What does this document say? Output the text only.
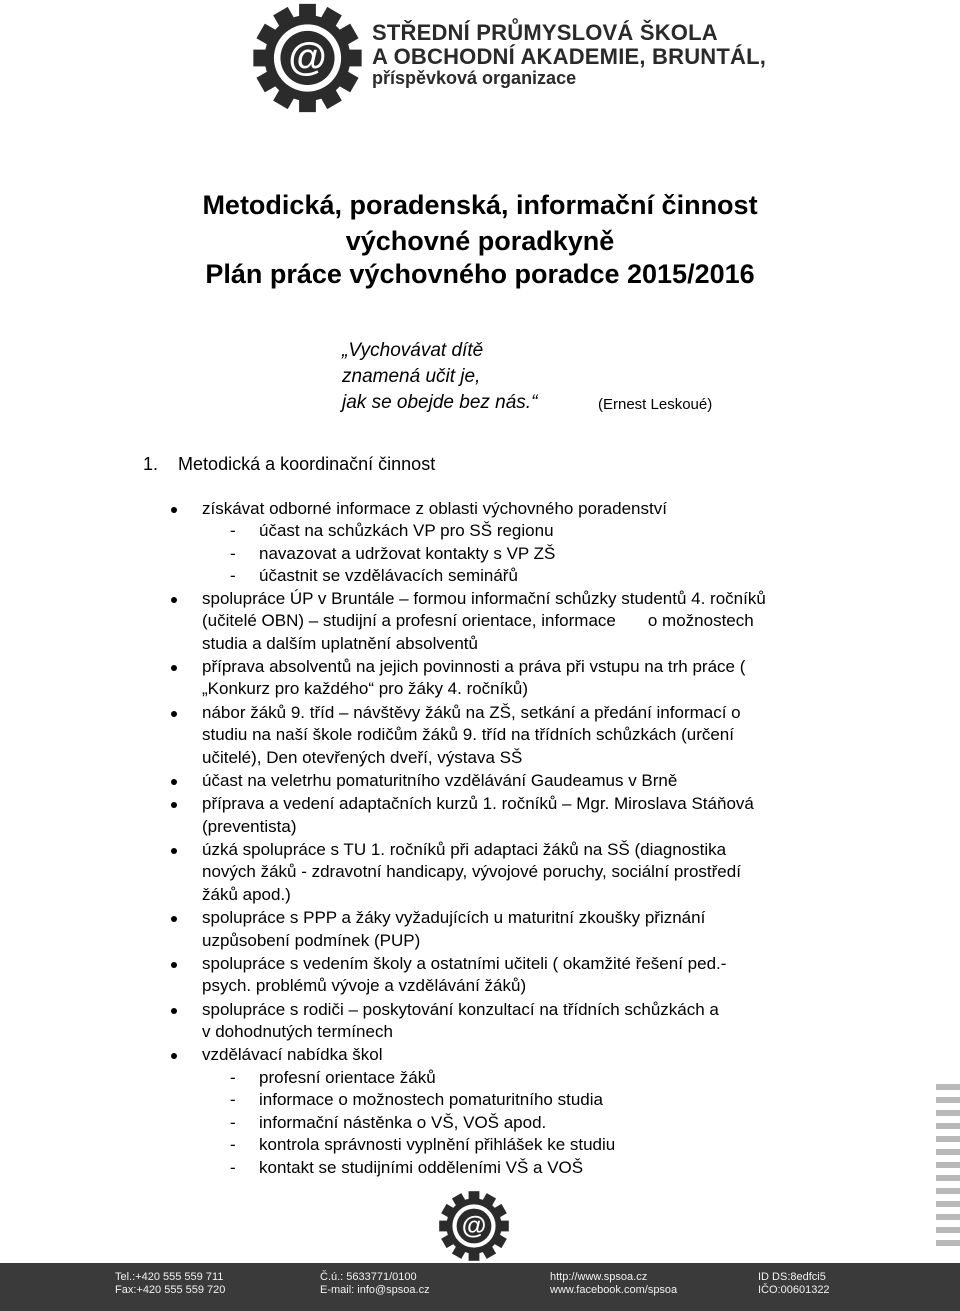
@
STŘEDNÍ PRŮMYSLOVÁ ŠKOLA
A OBCHODNÍ AKADEMIE, BRUNTÁL,
příspěvková organizace
Metodická, poradenská, informační činnost
výchovné poradkyně
Plán práce výchovného poradce 2015/2016
„Vychovávat dítě
znamená učit je,
jak se obejde bez nás.“	(Ernest Leskoué)
1. Metodická a koordinační činnost
získávat odborné informace z oblasti výchovného poradenství
- účast na schůzkách VP pro SŠ regionu
- navazovat a udržovat kontakty s VP ZŠ
- účastnit se vzdělávacích seminářů
spolupráce ÚP v Bruntále – formou informační schůzky studentů 4. ročníků
(učitelé OBN) – studijní a profesní orientace, informace o možnostech
studia a dalším uplatnění absolventů
příprava absolventů na jejich povinnosti a práva při vstupu na trh práce (
„Konkurz pro každého“ pro žáky 4. ročníků)
nábor žáků 9. tříd – návštěvy žáků na ZŠ, setkání a předání informací o
studiu na naší škole rodičům žáků 9. tříd na třídních schůzkách (určení
učitelé), Den otevřených dveří, výstava SŠ
účast na veletrhu pomaturitního vzdělávání Gaudeamus v Brně
příprava a vedení adaptačních kurzů 1. ročníků – Mgr. Miroslava Stáňová
(preventista)
úzká spolupráce s TU 1. ročníků při adaptaci žáků na SŠ (diagnostika
nových žáků - zdravotní handicapy, vývojové poruchy, sociální prostředí
žáků apod.)
spolupráce s PPP a žáky vyžadujících u maturitní zkoušky přiznání
uzpůsobení podmínek (PUP)
spolupráce s vedením školy a ostatními učiteli ( okamžité řešení ped.-
psych. problémů vývoje a vzdělávání žáků)
spolupráce s rodiči – poskytování konzultací na třídních schůzkách a
v dohodnutých termínech
vzdělávací nabídka škol
- profesní orientace žáků
- informace o možnostech pomaturitního studia
- informační nástěnka o VŠ, VOŠ apod.
- kontrola správnosti vyplnění přihlášek ke studiu
- kontakt se studijními odděleními VŠ a VOŠ
@
Tel.:+420 555 559 711
Fax:+420 555 559 720
Č.ú.: 5633771/0100
E-mail: info@spsoa.cz
http://www.spsoa.cz
www.facebook.com/spsoa
ID DS:8edfci5
IČO:00601322
